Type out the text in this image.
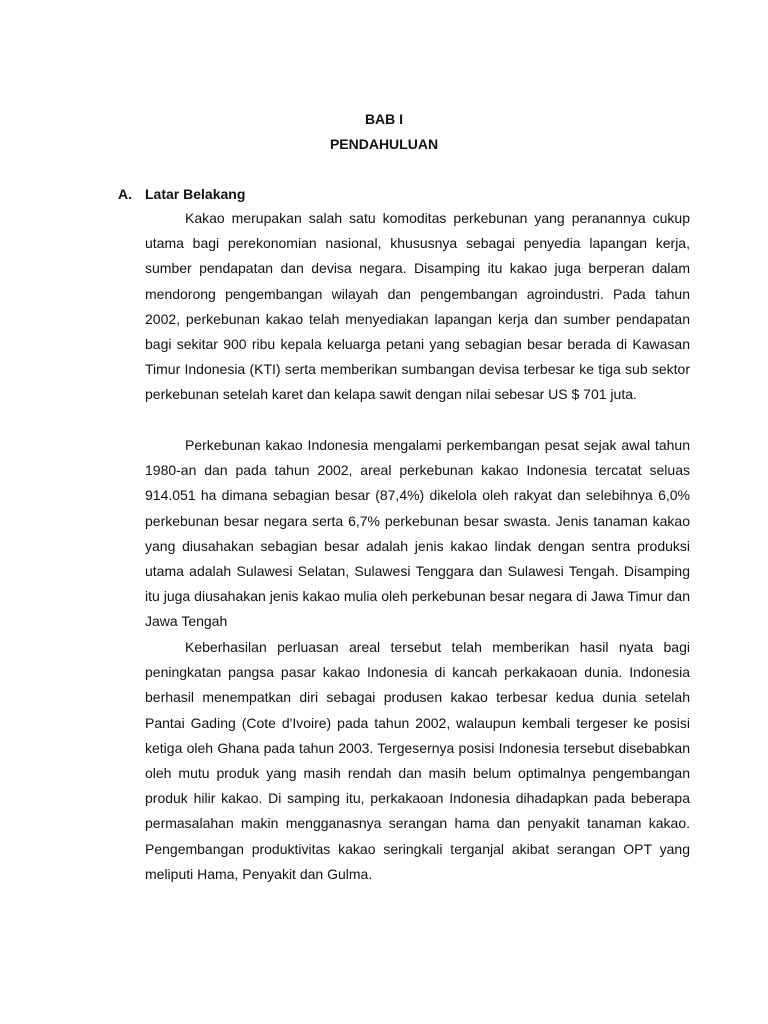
BAB I
PENDAHULUAN
A. Latar Belakang

Kakao merupakan salah satu komoditas perkebunan yang peranannya cukup utama bagi perekonomian nasional, khususnya sebagai penyedia lapangan kerja, sumber pendapatan dan devisa negara. Disamping itu kakao juga berperan dalam mendorong pengembangan wilayah dan pengembangan agroindustri. Pada tahun 2002, perkebunan kakao telah menyediakan lapangan kerja dan sumber pendapatan bagi sekitar 900 ribu kepala keluarga petani yang sebagian besar berada di Kawasan Timur Indonesia (KTI) serta memberikan sumbangan devisa terbesar ke tiga sub sektor perkebunan setelah karet dan kelapa sawit dengan nilai sebesar US $ 701 juta.

Perkebunan kakao Indonesia mengalami perkembangan pesat sejak awal tahun 1980-an dan pada tahun 2002, areal perkebunan kakao Indonesia tercatat seluas 914.051 ha dimana sebagian besar (87,4%) dikelola oleh rakyat dan selebihnya 6,0% perkebunan besar negara serta 6,7% perkebunan besar swasta. Jenis tanaman kakao yang diusahakan sebagian besar adalah jenis kakao lindak dengan sentra produksi utama adalah Sulawesi Selatan, Sulawesi Tenggara dan Sulawesi Tengah. Disamping itu juga diusahakan jenis kakao mulia oleh perkebunan besar negara di Jawa Timur dan Jawa Tengah

Keberhasilan perluasan areal tersebut telah memberikan hasil nyata bagi peningkatan pangsa pasar kakao Indonesia di kancah perkakaoan dunia. Indonesia berhasil menempatkan diri sebagai produsen kakao terbesar kedua dunia setelah Pantai Gading (Cote d'Ivoire) pada tahun 2002, walaupun kembali tergeser ke posisi ketiga oleh Ghana pada tahun 2003. Tergesernya posisi Indonesia tersebut disebabkan oleh mutu produk yang masih rendah dan masih belum optimalnya pengembangan produk hilir kakao. Di samping itu, perkakaoan Indonesia dihadapkan pada beberapa permasalahan makin mengganasnya serangan hama dan penyakit tanaman kakao. Pengembangan produktivitas kakao seringkali terganjal akibat serangan OPT yang meliputi Hama, Penyakit dan Gulma.
